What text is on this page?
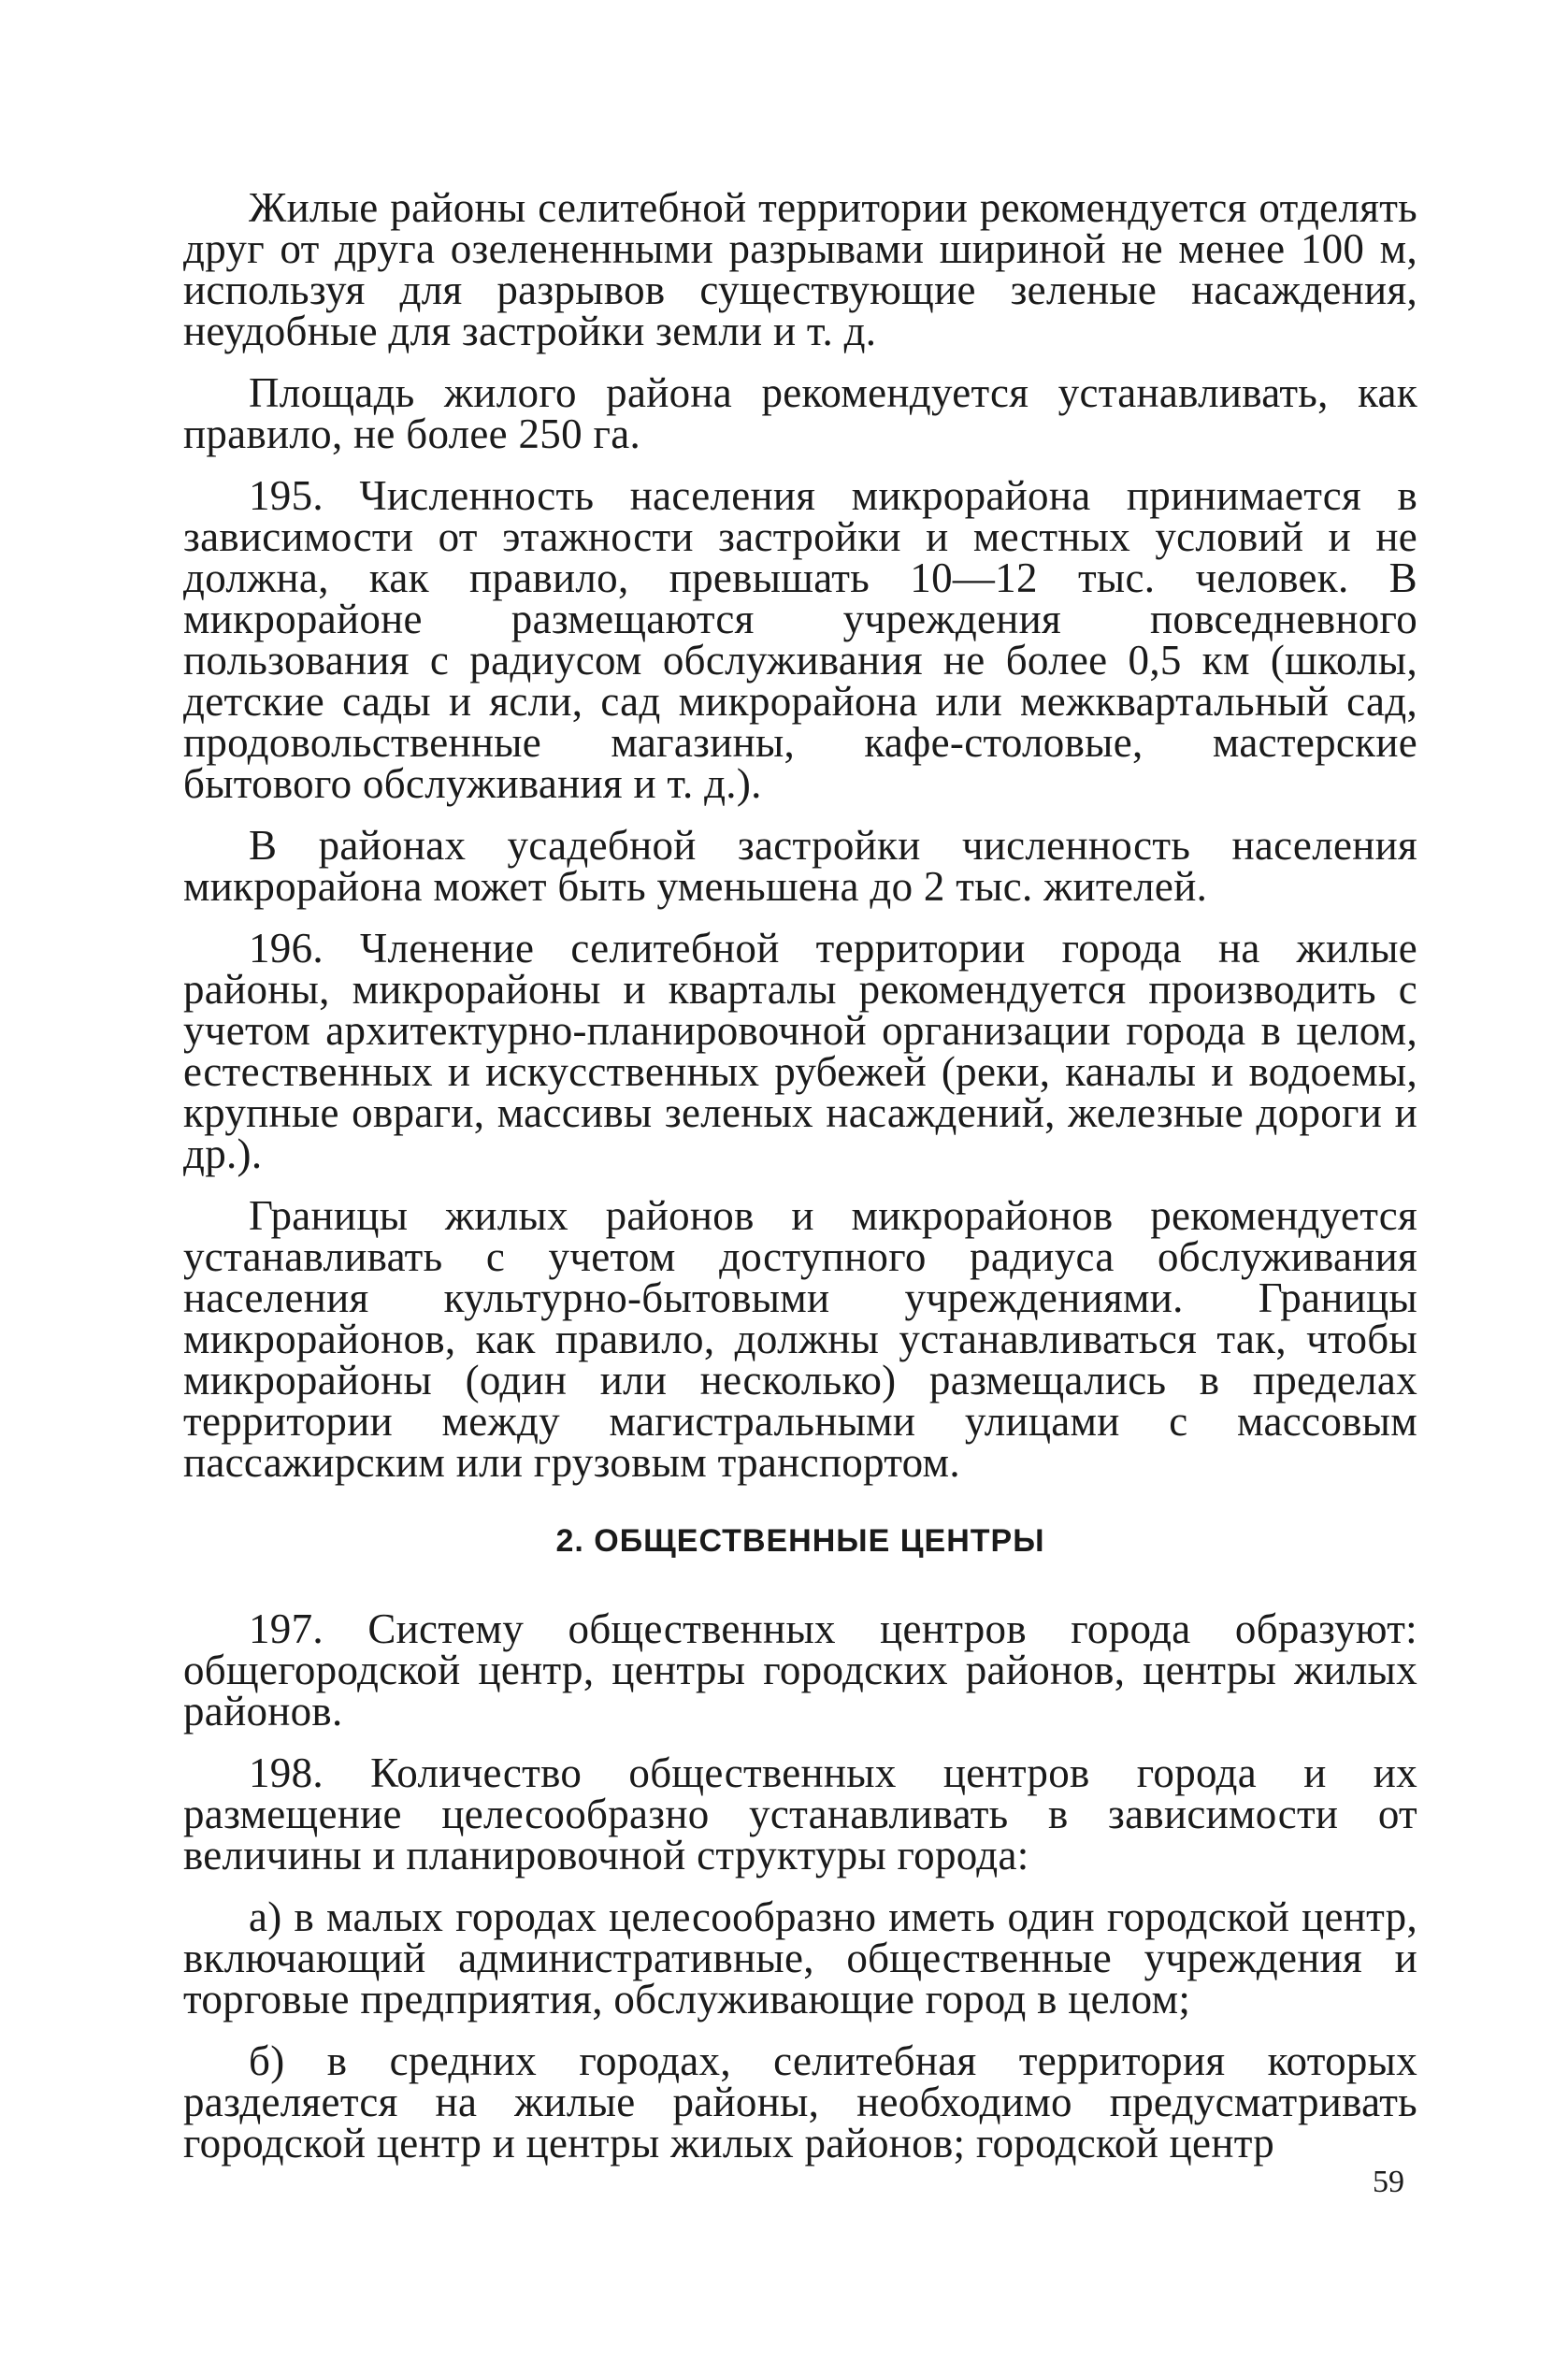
Жилые районы селитебной территории рекомендуется отделять друг от друга озелененными разрывами шириной не менее 100 м, используя для разрывов существующие зеленые насаждения, неудобные для застройки земли и т. д.

Площадь жилого района рекомендуется устанавливать, как правило, не более 250 га.

195. Численность населения микрорайона принимается в зависимости от этажности застройки и местных условий и не должна, как правило, превышать 10—12 тыс. человек. В микрорайоне размещаются учреждения повседневного пользования с радиусом обслуживания не более 0,5 км (школы, детские сады и ясли, сад микрорайона или межквартальный сад, продовольственные магазины, кафе-столовые, мастерские бытового обслуживания и т. д.).

В районах усадебной застройки численность населения микрорайона может быть уменьшена до 2 тыс. жителей.

196. Членение селитебной территории города на жилые районы, микрорайоны и кварталы рекомендуется производить с учетом архитектурно-планировочной организации города в целом, естественных и искусственных рубежей (реки, каналы и водоемы, крупные овраги, массивы зеленых насаждений, железные дороги и др.).

Границы жилых районов и микрорайонов рекомендуется устанавливать с учетом доступного радиуса обслуживания населения культурно-бытовыми учреждениями. Границы микрорайонов, как правило, должны устанавливаться так, чтобы микрорайоны (один или несколько) размещались в пределах территории между магистральными улицами с массовым пассажирским или грузовым транспортом.

2. ОБЩЕСТВЕННЫЕ ЦЕНТРЫ

197. Систему общественных центров города образуют: общегородской центр, центры городских районов, центры жилых районов.

198. Количество общественных центров города и их размещение целесообразно устанавливать в зависимости от величины и планировочной структуры города:

а) в малых городах целесообразно иметь один городской центр, включающий административные, общественные учреждения и торговые предприятия, обслуживающие город в целом;

б) в средних городах, селитебная территория которых разделяется на жилые районы, необходимо предусматривать городской центр и центры жилых районов; городской центр

59
